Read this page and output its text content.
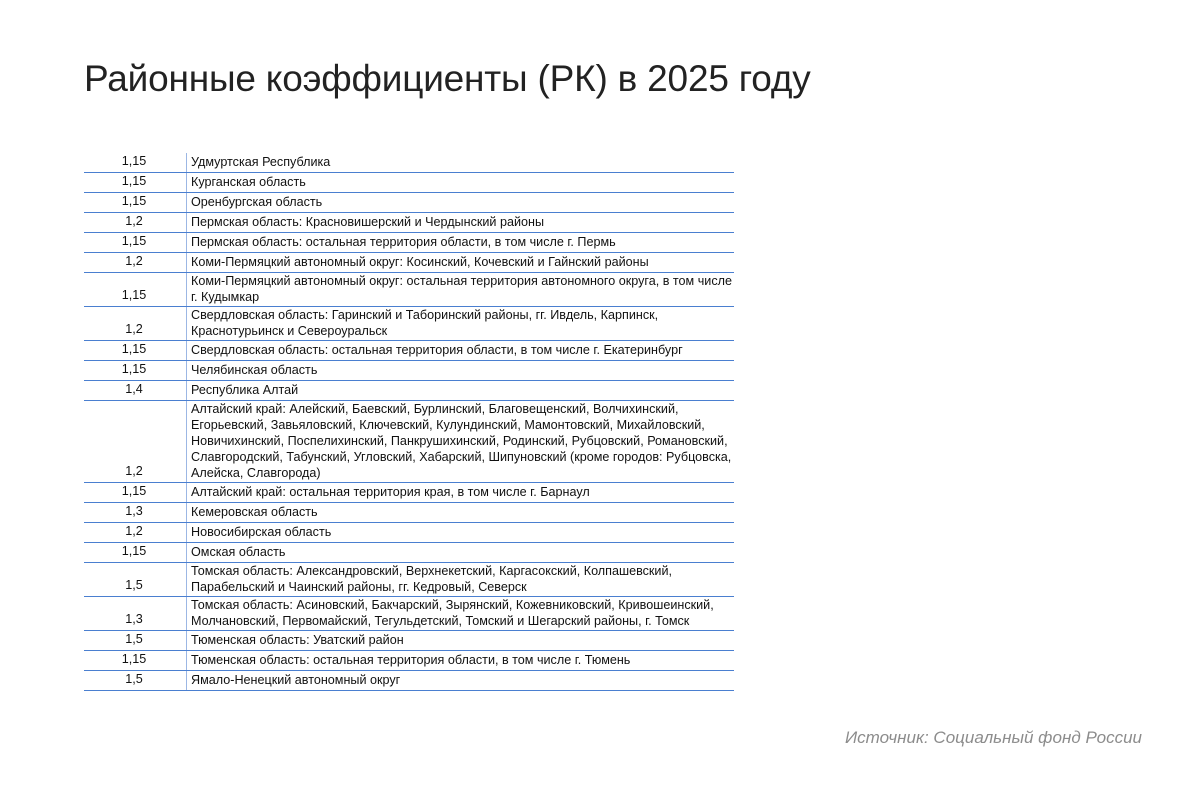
Районные коэффициенты (РК) в 2025 году
1,15	Удмуртская Республика
1,15	Курганская область
1,15	Оренбургская область
1,2	Пермская область: Красновишерский и Чердынский районы
1,15	Пермская область: остальная территория области, в том числе г. Пермь
1,2	Коми-Пермяцкий автономный округ: Косинский, Кочевский и Гайнский районы
1,15	Коми-Пермяцкий автономный округ: остальная территория автономного округа, в том числе г. Кудымкар
1,2	Свердловская область: Гаринский и Таборинский районы, гг. Ивдель, Карпинск, Краснотурьинск и Североуральск
1,15	Свердловская область: остальная территория области, в том числе г. Екатеринбург
1,15	Челябинская область
1,4	Республика Алтай
1,2	Алтайский край: Алейский, Баевский, Бурлинский, Благовещенский, Волчихинский, Егорьевский, Завьяловский, Ключевский, Кулундинский, Мамонтовский, Михайловский, Новичихинский, Поспелихинский, Панкрушихинский, Родинский, Рубцовский, Романовский, Славгородский, Табунский, Угловский, Хабарский, Шипуновский (кроме городов: Рубцовска, Алейска, Славгорода)
1,15	Алтайский край: остальная территория края, в том числе г. Барнаул
1,3	Кемеровская область
1,2	Новосибирская область
1,15	Омская область
1,5	Томская область: Александровский, Верхнекетский, Каргасокский, Колпашевский, Парабельский и Чаинский районы, гг. Кедровый, Северск
1,3	Томская область: Асиновский, Бакчарский, Зырянский, Кожевниковский, Кривошеинский, Молчановский, Первомайский, Тегульдетский, Томский и Шегарский районы, г. Томск
1,5	Тюменская область: Уватский район
1,15	Тюменская область: остальная территория области, в том числе г. Тюмень
1,5	Ямало-Ненецкий автономный округ
Источник: Социальный фонд России
